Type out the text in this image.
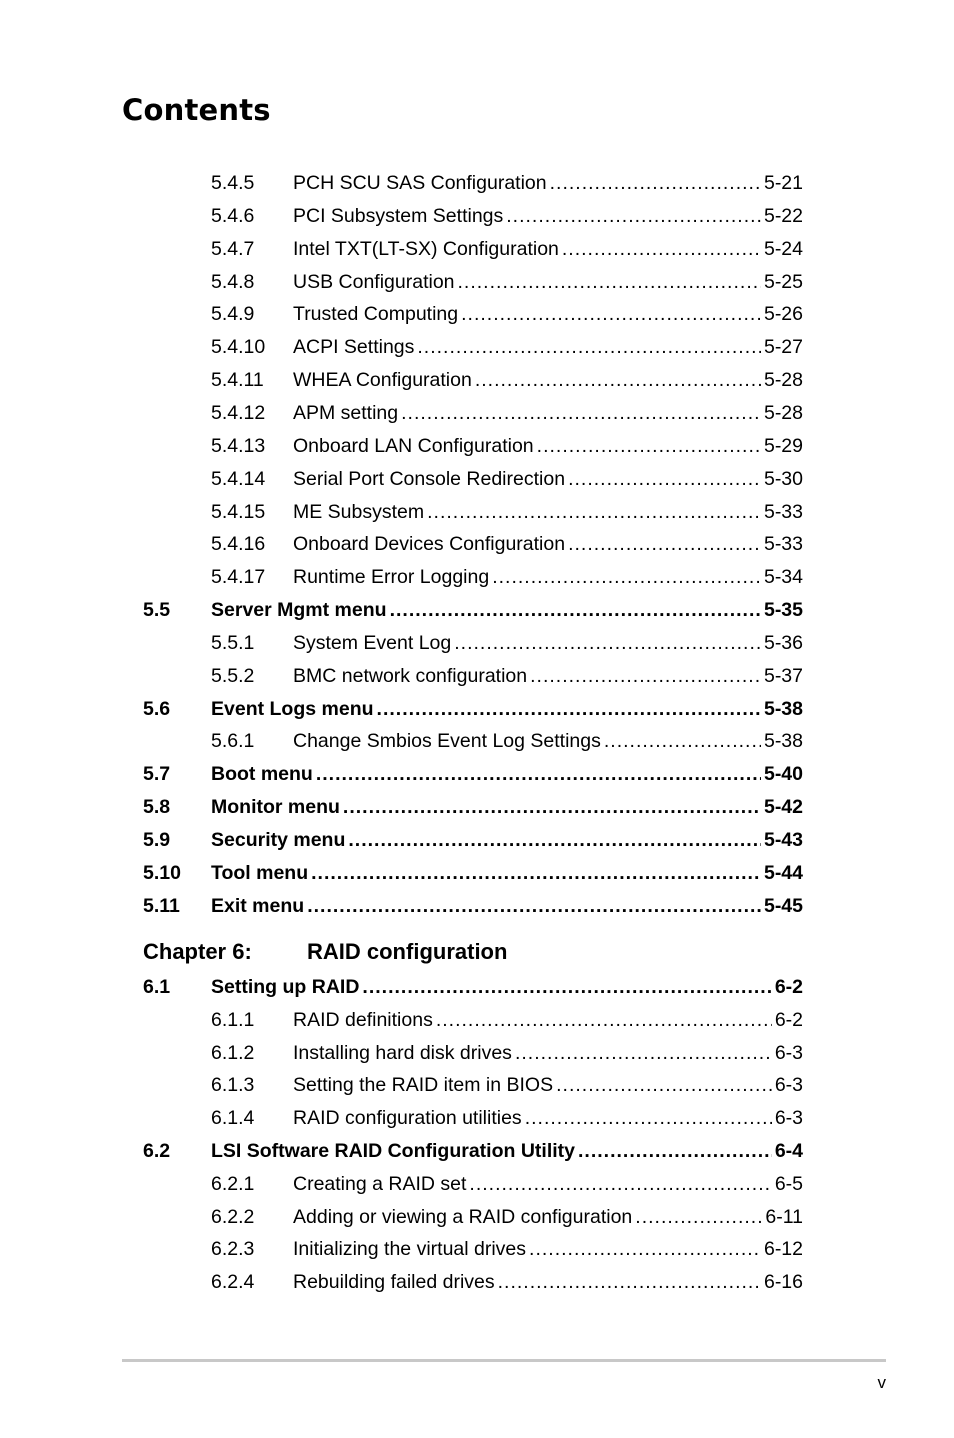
Contents
5.4.5 PCH SCU SAS Configuration .....	5-21
5.4.6 PCI Subsystem Settings .....	5-22
5.4.7 Intel TXT(LT-SX) Configuration .....	5-24
5.4.8 USB Configuration .....	5-25
5.4.9 Trusted Computing .....	5-26
5.4.10 ACPI Settings .....	5-27
5.4.11 WHEA Configuration .....	5-28
5.4.12 APM setting .....	5-28
5.4.13 Onboard LAN Configuration .....	5-29
5.4.14 Serial Port Console Redirection .....	5-30
5.4.15 ME Subsystem .....	5-33
5.4.16 Onboard Devices Configuration .....	5-33
5.4.17 Runtime Error Logging .....	5-34
5.5 Server Mgmt menu .....	5-35
5.5.1 System Event Log .....	5-36
5.5.2 BMC network configuration .....	5-37
5.6 Event Logs menu .....	5-38
5.6.1 Change Smbios Event Log Settings .....	5-38
5.7 Boot menu .....	5-40
5.8 Monitor menu .....	5-42
5.9 Security menu .....	5-43
5.10 Tool menu .....	5-44
5.11 Exit menu .....	5-45
6.1 Setting up RAID .....	6-2
6.1.1 RAID definitions .....	6-2
6.1.2 Installing hard disk drives .....	6-3
6.1.3 Setting the RAID item in BIOS .....	6-3
6.1.4 RAID configuration utilities .....	6-3
6.2 LSI Software RAID Configuration Utility .....	6-4
6.2.1 Creating a RAID set .....	6-5
6.2.2 Adding or viewing a RAID configuration .....	6-11
6.2.3 Initializing the virtual drives .....	6-12
6.2.4 Rebuilding failed drives .....	6-16
Chapter 6:	RAID configuration
v
